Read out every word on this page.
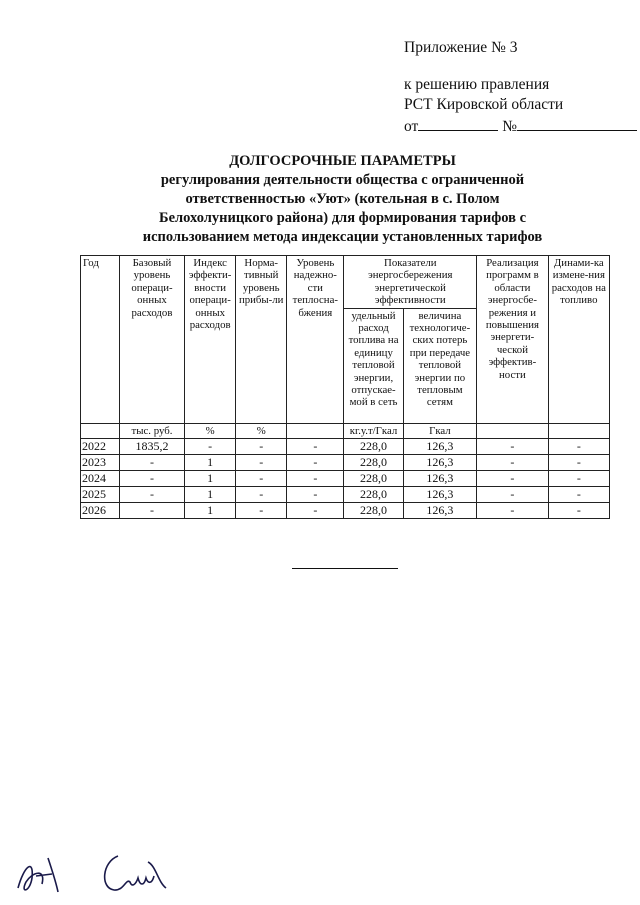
Приложение № 3
к решению правления
РСТ Кировской области
от	№
ДОЛГОСРОЧНЫЕ ПАРАМЕТРЫ
регулирования деятельности общества с ограниченной
ответственностью «Уют» (котельная в с. Полом
Белохолуницкого района) для формирования тарифов с
использованием метода индексации установленных тарифов
Год	Базовый уровень операци-онных расходов	Индекс эффекти-вности операци-онных расходов	Норма-тивный уровень прибы-ли	Уровень надежно-сти теплосна-бжения	Показатели энергосбережения энергетической эффективности		Реализация программ в области энергосбе-режения и повышения энергети-ческой эффектив-ности	Динами-ка измене-ния расходов на топливо
					удельный расход топлива на единицу тепловой энергии, отпускае-мой в сеть	величина технологиче-ских потерь при передаче тепловой энергии по тепловым сетям		
	тыс. руб.	%	%		кг.у.т/Гкал	Гкал		
2022	1835,2	-	-	-	228,0	126,3	-	-
2023	-	1	-	-	228,0	126,3	-	-
2024	-	1	-	-	228,0	126,3	-	-
2025	-	1	-	-	228,0	126,3	-	-
2026	-	1	-	-	228,0	126,3	-	-
